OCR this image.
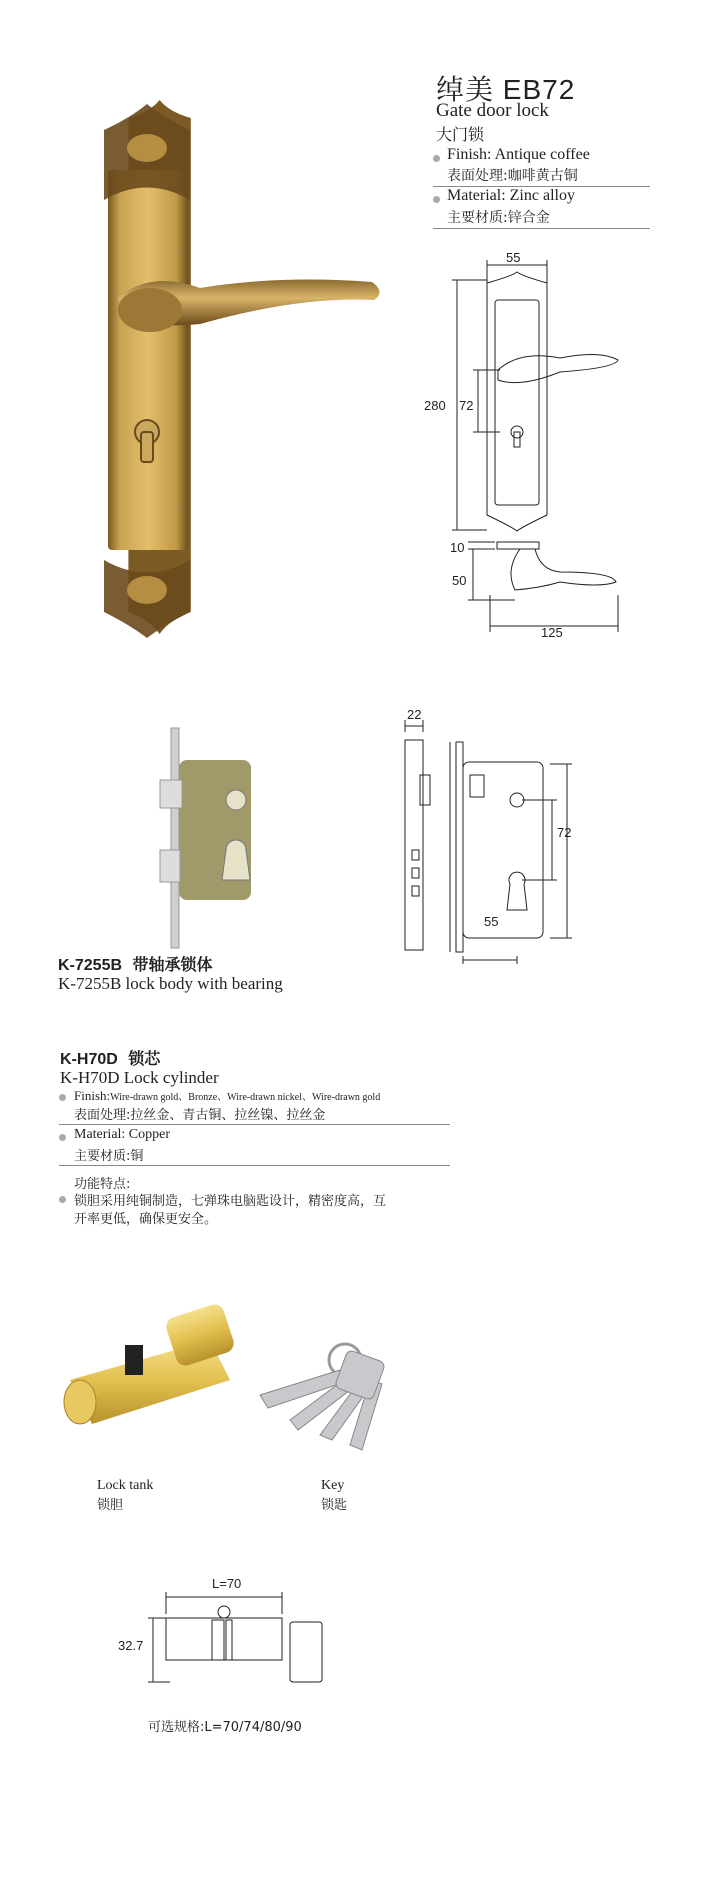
绰美 EB72
Gate door lock
大门锁
Finish: Antique coffee
表面处理:咖啡黄古铜
Material: Zinc alloy
主要材质:锌合金
55
280 72
10
50
125
22
72
55
K-7255B 带轴承锁体
K-7255B lock body with bearing
K-H70D 锁芯
K-H70D Lock cylinder
Finish:Wire-drawn gold、Bronze、Wire-drawn nickel、Wire-drawn gold
表面处理:拉丝金、青古铜、拉丝镍、拉丝金
Material: Copper
主要材质:铜
功能特点:
锁胆采用纯铜制造，七弹珠电脑匙设计，精密度高，互
开率更低，确保更安全。
Lock tank
锁胆
Key
锁匙
L=70
32.7
可选规格:L=70/74/80/90
